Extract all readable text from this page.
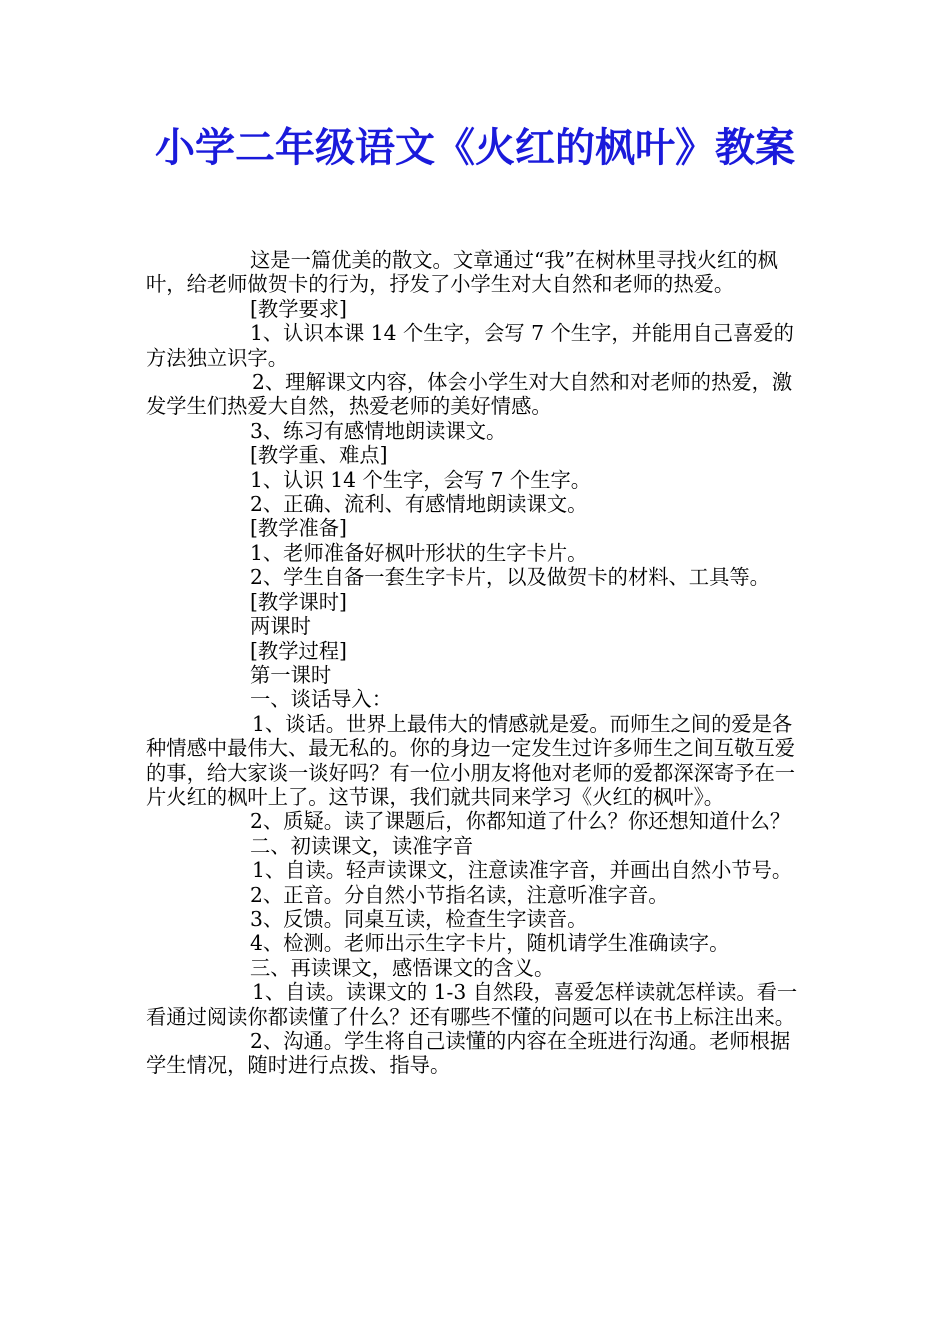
小学二年级语文《火红的枫叶》教案

这是一篇优美的散文。文章通过“我”在树林里寻找火红的枫叶，给老师做贺卡的行为，抒发了小学生对大自然和老师的热爱。

[教学要求]

1、认识本课 14 个生字，会写 7 个生字，并能用自己喜爱的方法独立识字。

2、理解课文内容，体会小学生对大自然和对老师的热爱，激发学生们热爱大自然，热爱老师的美好情感。

3、练习有感情地朗读课文。

[教学重、难点]

1、认识 14 个生字，会写 7 个生字。

2、正确、流利、有感情地朗读课文。

[教学准备]

1、老师准备好枫叶形状的生字卡片。

2、学生自备一套生字卡片，以及做贺卡的材料、工具等。

[教学课时]

两课时

[教学过程]

第一课时

一、谈话导入：

1、谈话。世界上最伟大的情感就是爱。而师生之间的爱是各种情感中最伟大、最无私的。你的身边一定发生过许多师生之间互敬互爱的事，给大家谈一谈好吗？有一位小朋友将他对老师的爱都深深寄予在一片火红的枫叶上了。这节课，我们就共同来学习《火红的枫叶》。

2、质疑。读了课题后，你都知道了什么？你还想知道什么？

二、初读课文，读准字音

1、自读。轻声读课文，注意读准字音，并画出自然小节号。

2、正音。分自然小节指名读，注意听准字音。

3、反馈。同桌互读，检查生字读音。

4、检测。老师出示生字卡片，随机请学生准确读字。

三、再读课文，感悟课文的含义。

1、自读。读课文的 1-3 自然段，喜爱怎样读就怎样读。看一看通过阅读你都读懂了什么？还有哪些不懂的问题可以在书上标注出来。

2、沟通。学生将自己读懂的内容在全班进行沟通。老师根据学生情况，随时进行点拨、指导。
